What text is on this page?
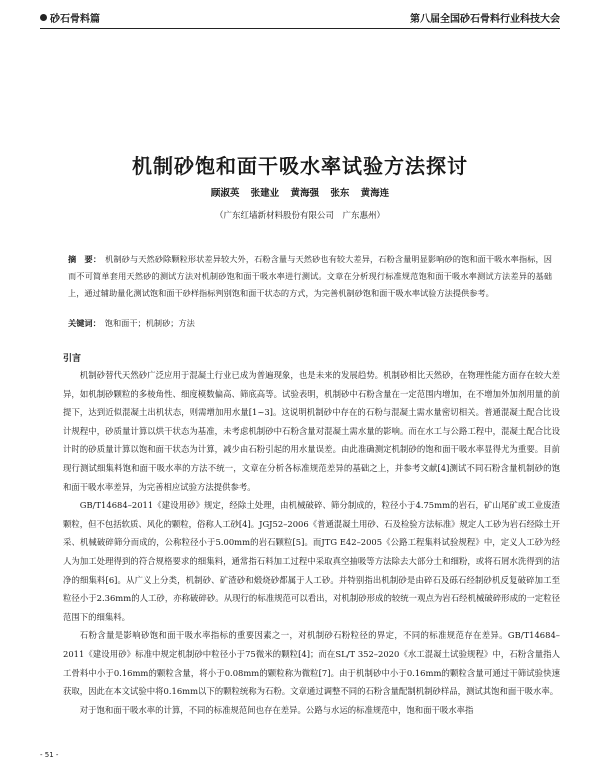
砂石骨料篇	第八届全国砂石骨料行业科技大会
机制砂饱和面干吸水率试验方法探讨
顾淑英 张建业 黄海强 张东 黄海连
（广东红墙新材料股份有限公司　广东惠州）
摘　要： 机制砂与天然砂除颗粒形状差异较大外，石粉含量与天然砂也有较大差异，石粉含量明显影响砂的饱和面干吸水率指标，因而不可简单套用天然砂的测试方法对机制砂饱和面干吸水率进行测试。文章在分析现行标准规范饱和面干吸水率测试方法差异的基础上，通过辅助量化测试饱和面干砂样指标判别饱和面干状态的方式，为完善机制砂饱和面干吸水率试验方法提供参考。
关键词： 饱和面干；机制砂；方法
引言

机制砂替代天然砂广泛应用于混凝土行业已成为普遍现象，也是未来的发展趋势。机制砂相比天然砂，在物理性能方面存在较大差异，如机制砂颗粒的多棱角性、细度模数偏高、筛底高等。试验表明，机制砂中石粉含量在一定范围内增加，在不增加外加剂用量的前提下，达到近似混凝土出机状态，则需增加用水量[1~3]。这说明机制砂中存在的石粉与混凝土需水量密切相关。普通混凝土配合比设计规程中，砂质量计算以烘干状态为基准，未考虑机制砂中石粉含量对混凝土需水量的影响。而在水工与公路工程中，混凝土配合比设计时的砂质量计算以饱和面干状态为计算，减少由石粉引起的用水量误差。由此准确测定机制砂的饱和面干吸水率显得尤为重要。目前现行测试细集料饱和面干吸水率的方法不统一，文章在分析各标准规范差异的基础之上，并参考文献[4]测试不同石粉含量机制砂的饱和面干吸水率差异，为完善相应试验方法提供参考。

GB/T14684–2011《建设用砂》规定，经除土处理，由机械破碎、筛分制成的，粒径小于4.75mm的岩石，矿山尾矿或工业废渣颗粒，但不包括软质、风化的颗粒，俗称人工砂[4]。JGJ52–2006《普通混凝土用砂、石及检验方法标准》规定人工砂为岩石经除土开采、机械破碎筛分而成的，公称粒径小于5.00mm的岩石颗粒[5]。而JTG E42–2005《公路工程集料试验规程》中，定义人工砂为经人为加工处理得到的符合规格要求的细集料，通常指石料加工过程中采取真空抽吸等方法除去大部分土和细粉，或将石屑水洗得到的洁净的细集料[6]。从广义上分类，机制砂、矿渣砂和煅烧砂都属于人工砂。并特别指出机制砂是由碎石及砾石经制砂机反复破碎加工至粒径小于2.36mm的人工砂，亦称破碎砂。从现行的标准规范可以看出，对机制砂形成的较统一观点为岩石经机械破碎形成的一定粒径范围下的细集料。

石粉含量是影响砂饱和面干吸水率指标的重要因素之一，对机制砂石粉粒径的界定，不同的标准规范存在差异。GB/T14684–2011《建设用砂》标准中规定机制砂中粒径小于75微米的颗粒[4]；而在SL/T 352–2020《水工混凝土试验规程》中，石粉含量指人工骨料中小于0.16mm的颗粒含量，将小于0.08mm的颗粒称为微粒[7]。由于机制砂中小于0.16mm的颗粒含量可通过干筛试验快速获取，因此在本文试验中将0.16mm以下的颗粒统称为石粉。文章通过调整不同的石粉含量配制机制砂样品，测试其饱和面干吸水率。

对于饱和面干吸水率的计算，不同的标准规范间也存在差异。公路与水运的标准规范中，饱和面干吸水率指

- 51 -
